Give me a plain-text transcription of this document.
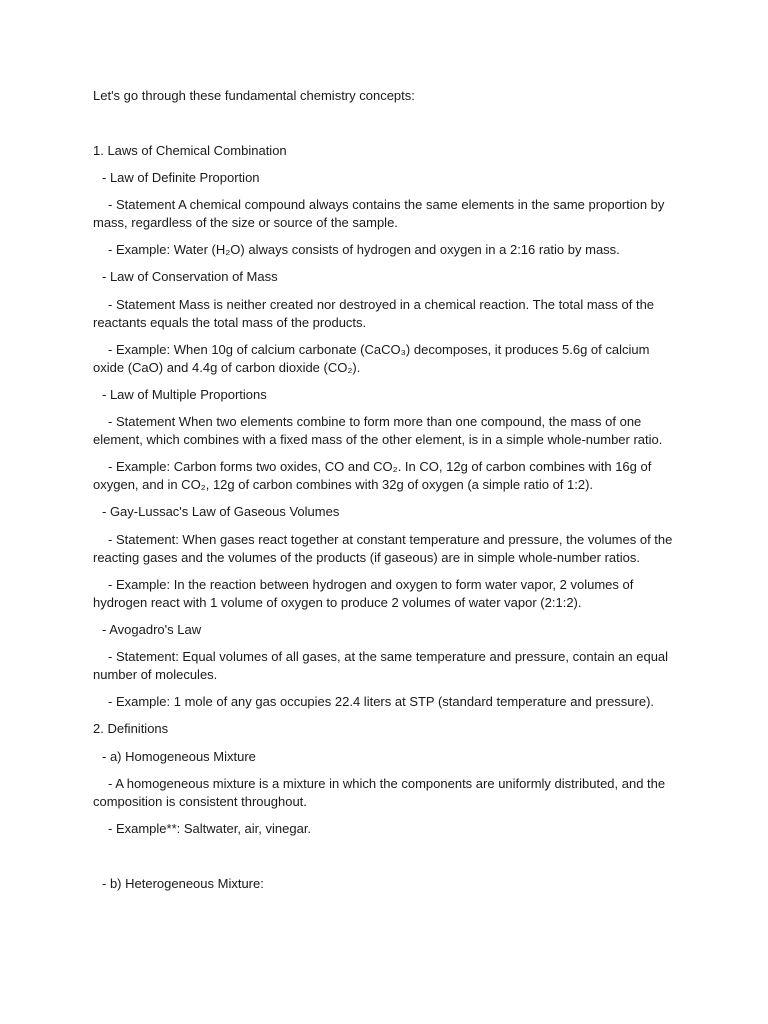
Let's go through these fundamental chemistry concepts:
1. Laws of Chemical Combination
- Law of Definite Proportion
- Statement A chemical compound always contains the same elements in the same proportion by mass, regardless of the size or source of the sample.
- Example: Water (H₂O) always consists of hydrogen and oxygen in a 2:16 ratio by mass.
- Law of Conservation of Mass
- Statement Mass is neither created nor destroyed in a chemical reaction. The total mass of the reactants equals the total mass of the products.
- Example: When 10g of calcium carbonate (CaCO₃) decomposes, it produces 5.6g of calcium oxide (CaO) and 4.4g of carbon dioxide (CO₂).
- Law of Multiple Proportions
- Statement When two elements combine to form more than one compound, the mass of one element, which combines with a fixed mass of the other element, is in a simple whole-number ratio.
- Example: Carbon forms two oxides, CO and CO₂. In CO, 12g of carbon combines with 16g of oxygen, and in CO₂, 12g of carbon combines with 32g of oxygen (a simple ratio of 1:2).
- Gay-Lussac's Law of Gaseous Volumes
- Statement: When gases react together at constant temperature and pressure, the volumes of the reacting gases and the volumes of the products (if gaseous) are in simple whole-number ratios.
- Example: In the reaction between hydrogen and oxygen to form water vapor, 2 volumes of hydrogen react with 1 volume of oxygen to produce 2 volumes of water vapor (2:1:2).
- Avogadro's Law
- Statement: Equal volumes of all gases, at the same temperature and pressure, contain an equal number of molecules.
- Example: 1 mole of any gas occupies 22.4 liters at STP (standard temperature and pressure).
2. Definitions
- a) Homogeneous Mixture
- A homogeneous mixture is a mixture in which the components are uniformly distributed, and the composition is consistent throughout.
- Example**: Saltwater, air, vinegar.
- b) Heterogeneous Mixture:
